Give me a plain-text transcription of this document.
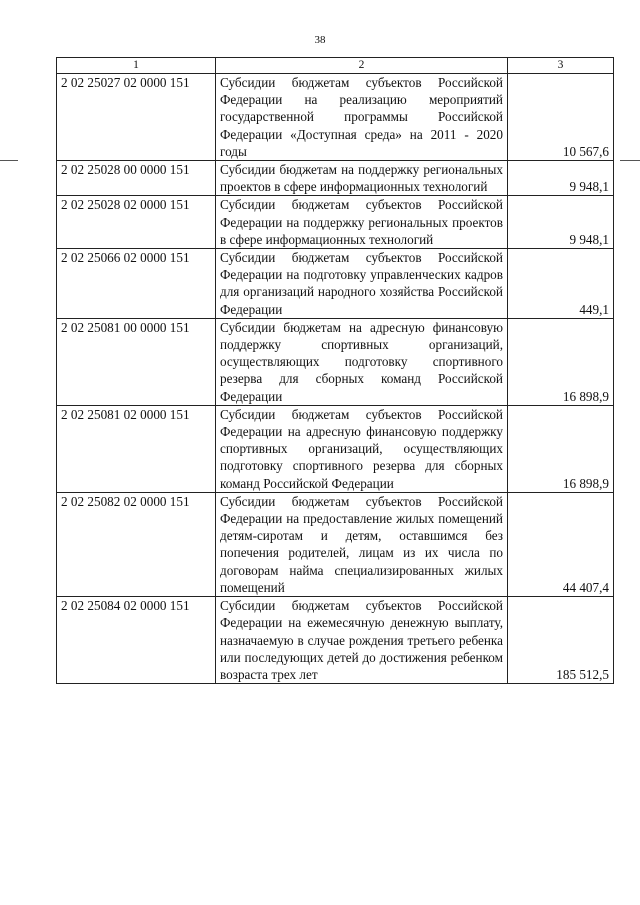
38
1	2	3
2 02 25027 02 0000 151	Субсидии бюджетам субъектов Российской Федерации на реализацию мероприятий государственной программы Российской Федерации «Доступная среда» на 2011 - 2020 годы	10 567,6
2 02 25028 00 0000 151	Субсидии бюджетам на поддержку региональных проектов в сфере информационных технологий	9 948,1
2 02 25028 02 0000 151	Субсидии бюджетам субъектов Российской Федерации на поддержку региональных проектов в сфере информационных технологий	9 948,1
2 02 25066 02 0000 151	Субсидии бюджетам субъектов Российской Федерации на подготовку управленческих кадров для организаций народного хозяйства Российской Федерации	449,1
2 02 25081 00 0000 151	Субсидии бюджетам на адресную финансовую поддержку спортивных организаций, осуществляющих подготовку спортивного резерва для сборных команд Российской Федерации	16 898,9
2 02 25081 02 0000 151	Субсидии бюджетам субъектов Российской Федерации на адресную финансовую поддержку спортивных организаций, осуществляющих подготовку спортивного резерва для сборных команд Российской Федерации	16 898,9
2 02 25082 02 0000 151	Субсидии бюджетам субъектов Российской Федерации на предоставление жилых помещений детям-сиротам и детям, оставшимся без попечения родителей, лицам из их числа по договорам найма специализированных жилых помещений	44 407,4
2 02 25084 02 0000 151	Субсидии бюджетам субъектов Российской Федерации на ежемесячную денежную выплату, назначаемую в случае рождения третьего ребенка или последующих детей до достижения ребенком возраста трех лет	185 512,5
